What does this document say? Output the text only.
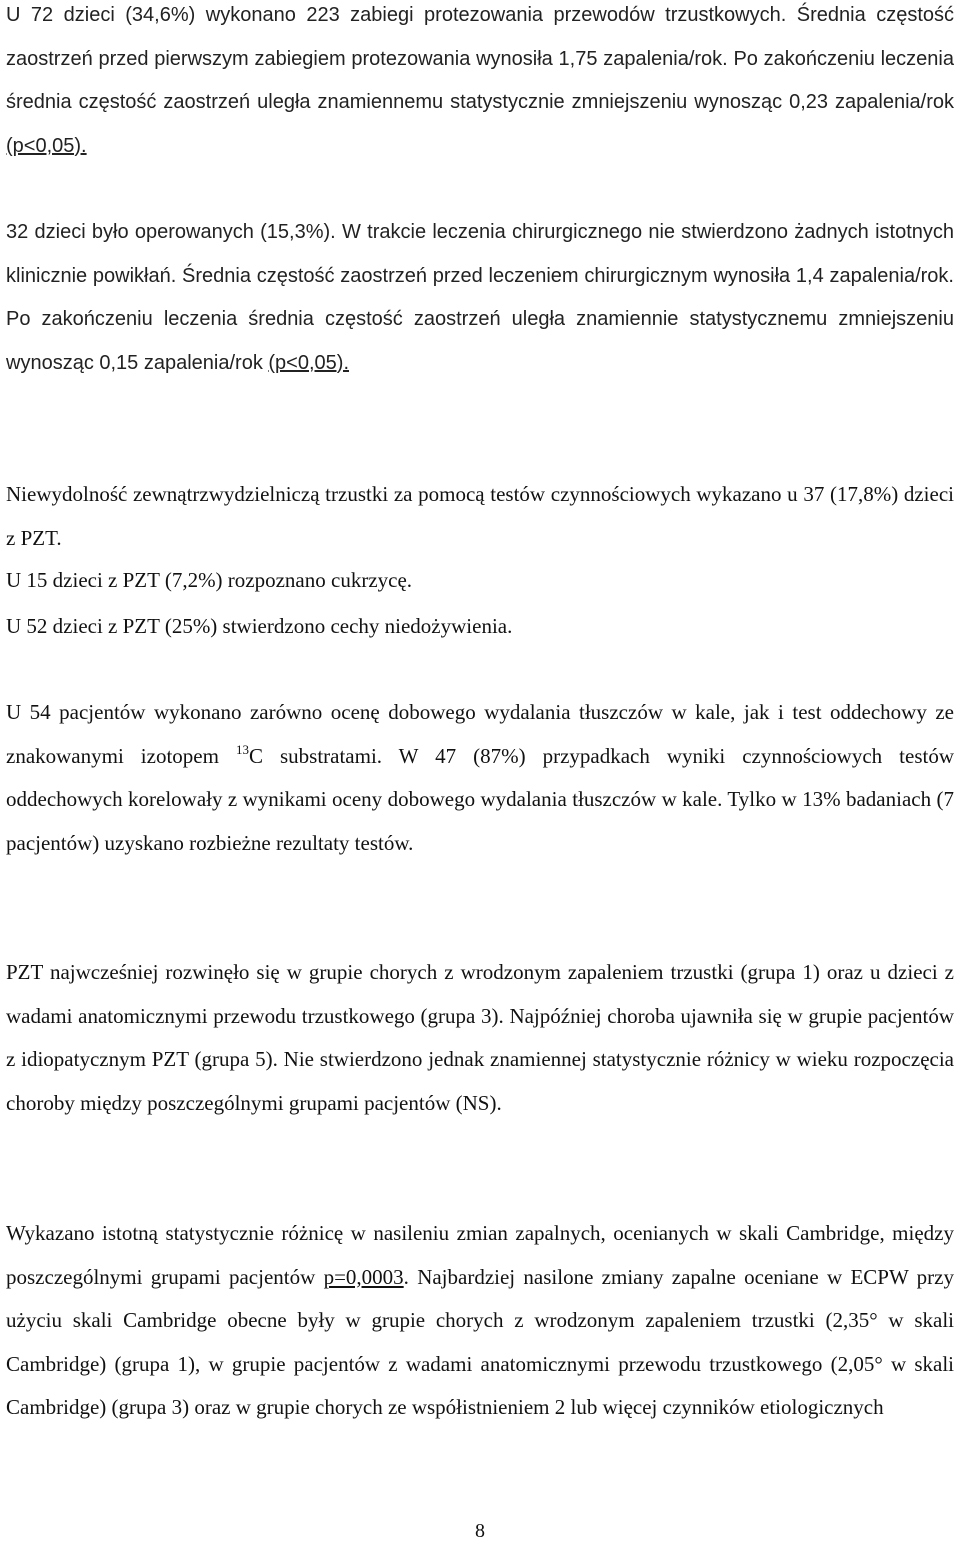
U 72 dzieci (34,6%) wykonano 223 zabiegi protezowania przewodów trzustkowych. Średnia częstość zaostrzeń przed pierwszym zabiegiem protezowania wynosiła 1,75 zapalenia/rok. Po zakończeniu leczenia średnia częstość zaostrzeń uległa znamiennemu statystycznie zmniejszeniu wynosząc 0,23 zapalenia/rok (p<0,05).

32 dzieci było operowanych (15,3%). W trakcie leczenia chirurgicznego nie stwierdzono żadnych istotnych klinicznie powikłań. Średnia częstość zaostrzeń przed leczeniem chirurgicznym wynosiła 1,4 zapalenia/rok. Po zakończeniu leczenia średnia częstość zaostrzeń uległa znamiennie statystycznemu zmniejszeniu wynosząc 0,15 zapalenia/rok (p<0,05).

Niewydolność zewnątrzwydzielniczą trzustki za pomocą testów czynnościowych wykazano u 37 (17,8%) dzieci z PZT.

U 15 dzieci z PZT (7,2%) rozpoznano cukrzycę.

U 52 dzieci z PZT (25%) stwierdzono cechy niedożywienia.

U 54 pacjentów wykonano zarówno ocenę dobowego wydalania tłuszczów w kale, jak i test oddechowy ze znakowanymi izotopem $^{13}$C substratami. W 47 (87%) przypadkach wyniki czynnościowych testów oddechowych korelowały z wynikami oceny dobowego wydalania tłuszczów w kale. Tylko w 13% badaniach (7 pacjentów) uzyskano rozbieżne rezultaty testów.

PZT najwcześniej rozwinęło się w grupie chorych z wrodzonym zapaleniem trzustki (grupa 1) oraz u dzieci z wadami anatomicznymi przewodu trzustkowego (grupa 3). Najpóźniej choroba ujawniła się w grupie pacjentów z idiopatycznym PZT (grupa 5). Nie stwierdzono jednak znamiennej statystycznie różnicy w wieku rozpoczęcia choroby między poszczególnymi grupami pacjentów (NS).

Wykazano istotną statystycznie różnicę w nasileniu zmian zapalnych, ocenianych w skali Cambridge, między poszczególnymi grupami pacjentów p=0,0003. Najbardziej nasilone zmiany zapalne oceniane w ECPW przy użyciu skali Cambridge obecne były w grupie chorych z wrodzonym zapaleniem trzustki (2,35° w skali Cambridge) (grupa 1), w grupie pacjentów z wadami anatomicznymi przewodu trzustkowego (2,05° w skali Cambridge) (grupa 3) oraz w grupie chorych ze współistnieniem 2 lub więcej czynników etiologicznych

8
